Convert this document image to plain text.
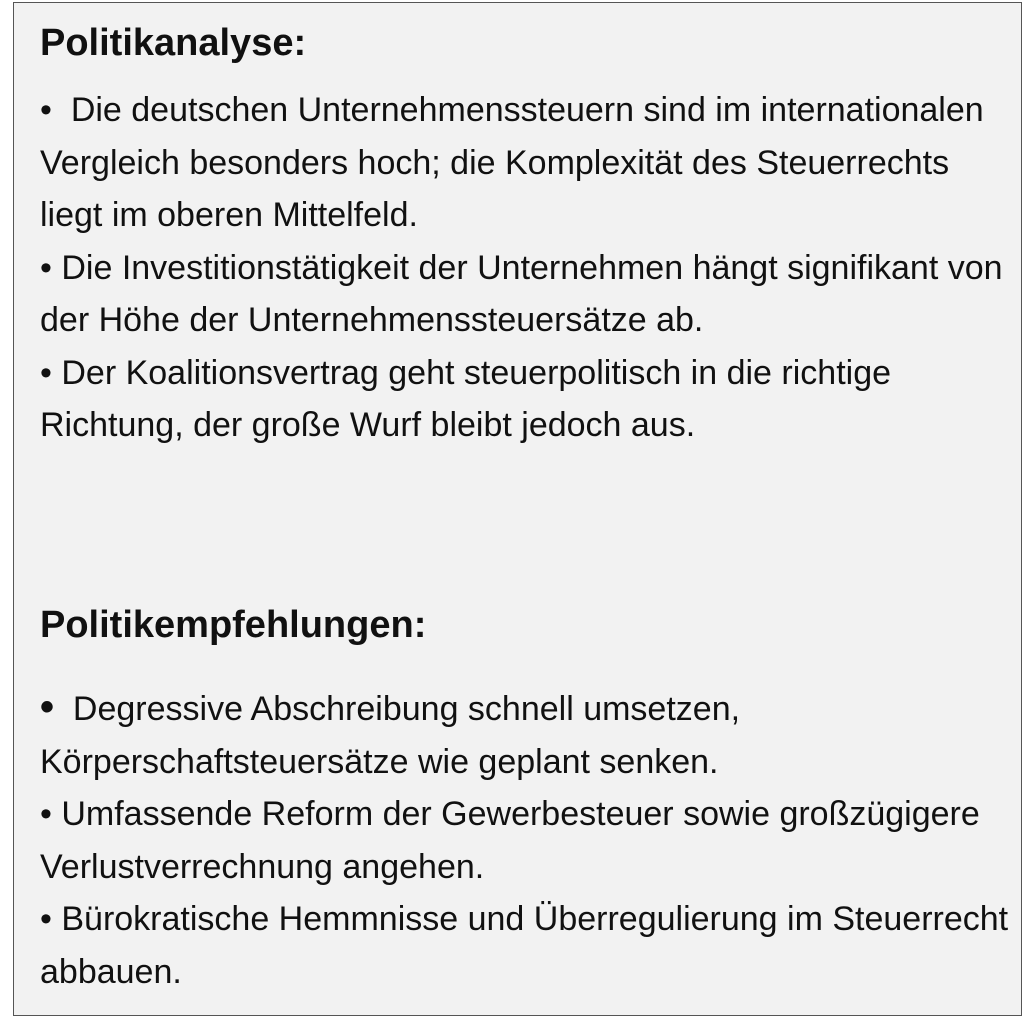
Politikanalyse:
• Die deutschen Unternehmenssteuern sind im internationalen Vergleich besonders hoch; die Komplexität des Steuerrechts liegt im oberen Mittelfeld.
• Die Investitionstätigkeit der Unternehmen hängt signifikant von der Höhe der Unternehmenssteuersätze ab.
• Der Koalitionsvertrag geht steuerpolitisch in die richtige Richtung, der große Wurf bleibt jedoch aus.
Politikempfehlungen:
• Degressive Abschreibung schnell umsetzen, Körperschaftsteuersätze wie geplant senken.
• Umfassende Reform der Gewerbesteuer sowie großzügigere Verlustverrechnung angehen.
• Bürokratische Hemmnisse und Überregulierung im Steuerrecht abbauen.
